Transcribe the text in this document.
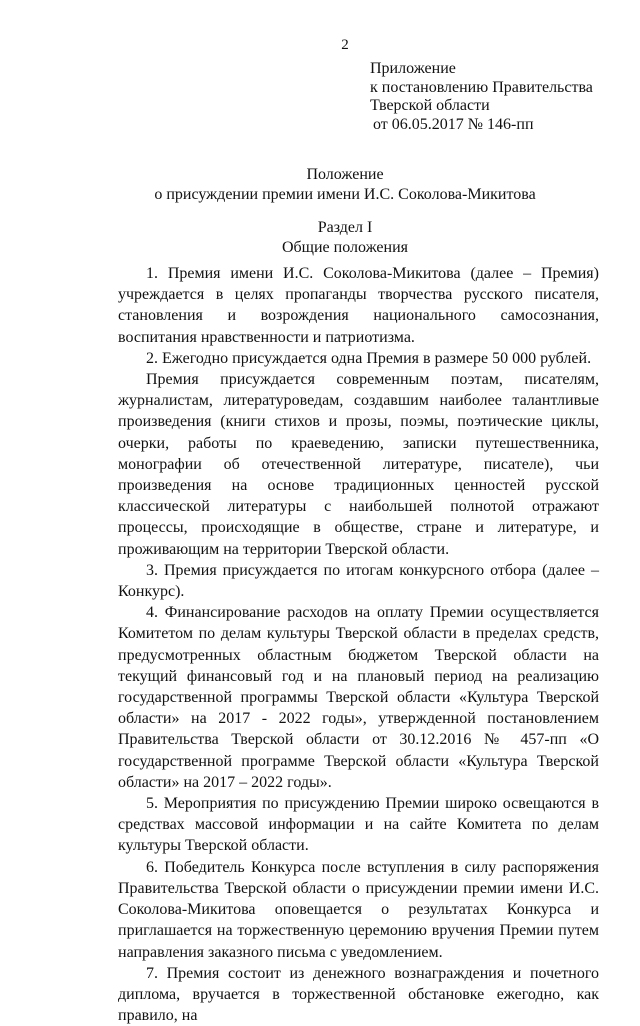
2
Приложение
к постановлению Правительства
Тверской области
от 06.05.2017 № 146-пп
Положение
о присуждении премии имени И.С. Соколова-Микитова
Раздел I
Общие положения

1. Премия имени И.С. Соколова-Микитова (далее – Премия) учреждается в целях пропаганды творчества русского писателя, становления и возрождения национального самосознания, воспитания нравственности и патриотизма.

2. Ежегодно присуждается одна Премия в размере 50 000 рублей.

Премия присуждается современным поэтам, писателям, журналистам, литературоведам, создавшим наиболее талантливые произведения (книги стихов и прозы, поэмы, поэтические циклы, очерки, работы по краеведению, записки путешественника, монографии об отечественной литературе, писателе), чьи произведения на основе традиционных ценностей русской классической литературы с наибольшей полнотой отражают процессы, происходящие в обществе, стране и литературе, и проживающим на территории Тверской области.

3. Премия присуждается по итогам конкурсного отбора (далее – Конкурс).

4. Финансирование расходов на оплату Премии осуществляется Комитетом по делам культуры Тверской области в пределах средств, предусмотренных областным бюджетом Тверской области на текущий финансовый год и на плановый период на реализацию государственной программы Тверской области «Культура Тверской области» на 2017 - 2022 годы», утвержденной постановлением Правительства Тверской области от 30.12.2016 № 457-пп «О государственной программе Тверской области «Культура Тверской области» на 2017 – 2022 годы».

5. Мероприятия по присуждению Премии широко освещаются в средствах массовой информации и на сайте Комитета по делам культуры Тверской области.

6. Победитель Конкурса после вступления в силу распоряжения Правительства Тверской области о присуждении премии имени И.С. Соколова-Микитова оповещается о результатах Конкурса и приглашается на торжественную церемонию вручения Премии путем направления заказного письма с уведомлением.

7. Премия состоит из денежного вознаграждения и почетного диплома, вручается в торжественной обстановке ежегодно, как правило, на
